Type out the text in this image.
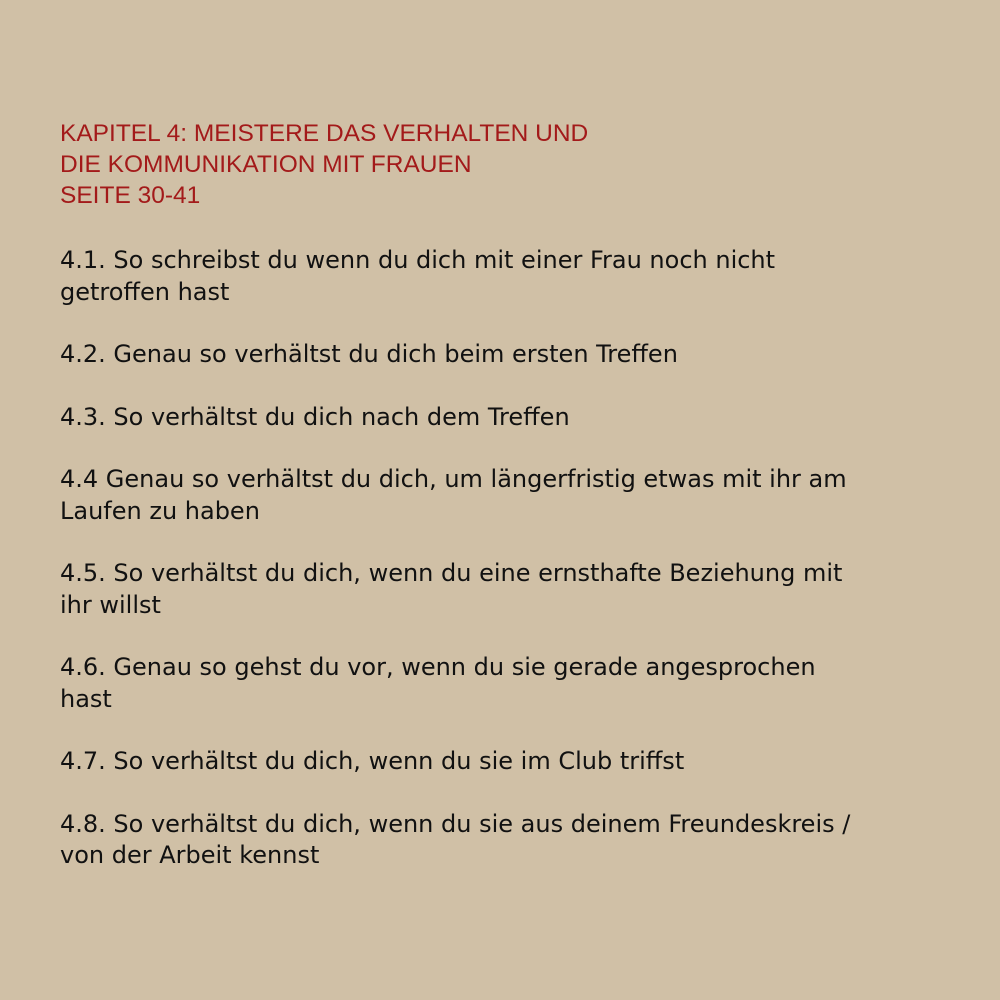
KAPITEL 4: MEISTERE DAS VERHALTEN UND
DIE KOMMUNIKATION MIT FRAUEN
SEITE 30-41
4.1. So schreibst du wenn du dich mit einer Frau noch nicht getroffen hast
4.2. Genau so verhältst du dich beim ersten Treffen
4.3. So verhältst du dich nach dem Treffen
4.4 Genau so verhältst du dich, um längerfristig etwas mit ihr am Laufen zu haben
4.5. So verhältst du dich, wenn du eine ernsthafte Beziehung mit ihr willst
4.6. Genau so gehst du vor, wenn du sie gerade angesprochen hast
4.7. So verhältst du dich, wenn du sie im Club triffst
4.8. So verhältst du dich, wenn du sie aus deinem Freundeskreis / von der Arbeit kennst
